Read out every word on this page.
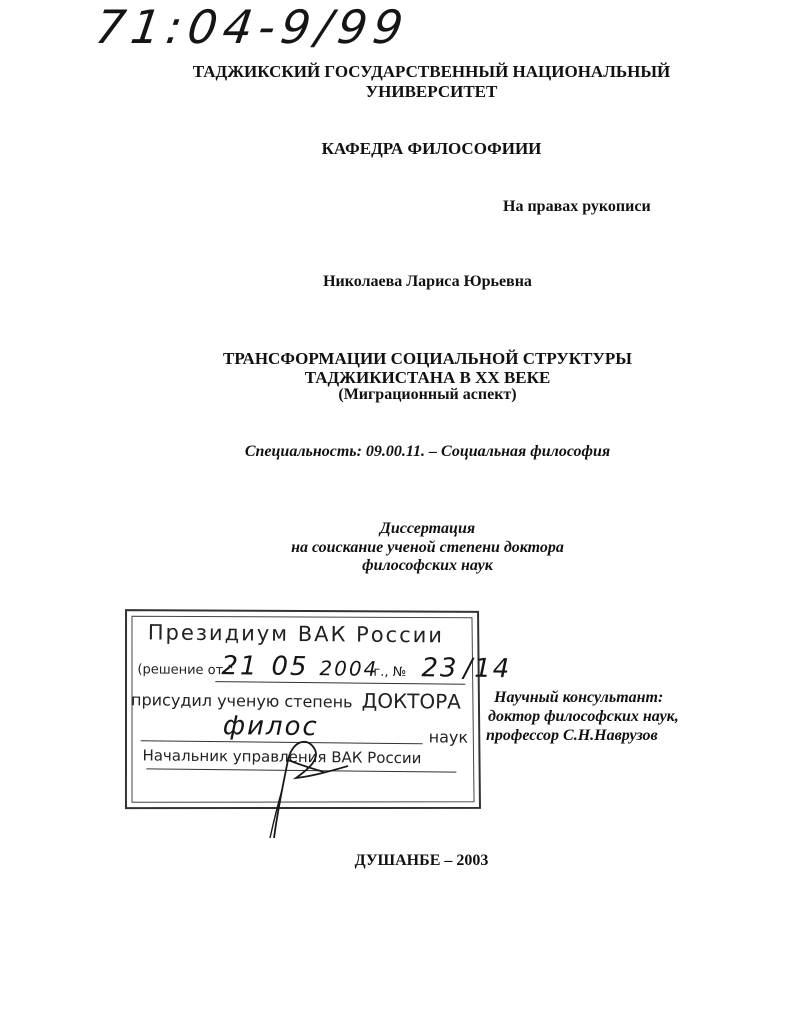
71:04-9/99
ТАДЖИКСКИЙ ГОСУДАРСТВЕННЫЙ НАЦИОНАЛЬНЫЙ
УНИВЕРСИТЕТ
КАФЕДРА ФИЛОСОФИИИ
На правах рукописи
Николаева Лариса Юрьевна
ТРАНСФОРМАЦИИ СОЦИАЛЬНОЙ СТРУКТУРЫ
ТАДЖИКИСТАНА В XX ВЕКЕ
(Миграционный аспект)
Специальность: 09.00.11. – Социальная философия
Диссертация
на соискание ученой степени доктора
философских наук
Президиум ВАК России
(решение от "
21 05 2004
г., № 23 /14
присудил ученую степень ДОКТОРА
филос	наук
Начальник управления ВАК России
Научный консультант:
доктор философских наук,
профессор С.Н.Наврузов
ДУШАНБЕ – 2003
